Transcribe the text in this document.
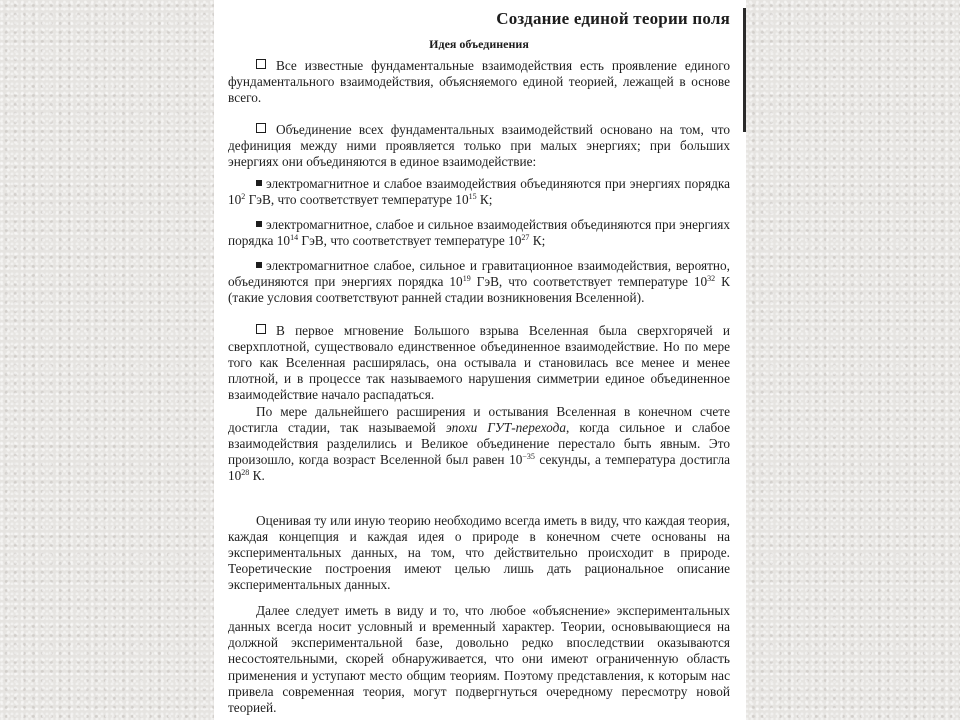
Создание единой теории поля
Идея объединения

Все известные фундаментальные взаимодействия есть проявление единого фундаментального взаимодействия, объясняемого единой теорией, лежащей в основе всего.

Объединение всех фундаментальных взаимодействий основано на том, что дефиниция между ними проявляется только при малых энергиях; при больших энергиях они объединяются в единое взаимодействие:

электромагнитное и слабое взаимодействия объединяются при энергиях порядка $10^2$ ГэВ, что соответствует температуре $10^{15}$ К;

электромагнитное, слабое и сильное взаимодействия объединяются при энергиях порядка $10^{14}$ ГэВ, что соответствует температуре $10^{27}$ К;

электромагнитное слабое, сильное и гравитационное взаимодействия, вероятно, объединяются при энергиях порядка $10^{19}$ ГэВ, что соответствует температуре $10^{32}$ К (такие условия соответствуют ранней стадии возникновения Вселенной).

В первое мгновение Большого взрыва Вселенная была сверхгорячей и сверхплотной, существовало единственное объединенное взаимодействие. Но по мере того как Вселенная расширялась, она остывала и становилась все менее и менее плотной, и в процессе так называемого нарушения симметрии единое объединенное взаимодействие начало распадаться.

По мере дальнейшего расширения и остывания Вселенная в конечном счете достигла стадии, так называемой эпохи ГУТ-перехода, когда сильное и слабое взаимодействия разделились и Великое объединение перестало быть явным. Это произошло, когда возраст Вселенной был равен $10^{-35}$ секунды, а температура достигла $10^{28}$ К.

Оценивая ту или иную теорию необходимо всегда иметь в виду, что каждая теория, каждая концепция и каждая идея о природе в конечном счете основаны на экспериментальных данных, на том, что действительно происходит в природе. Теоретические построения имеют целью лишь дать рациональное описание экспериментальных данных.

Далее следует иметь в виду и то, что любое «объяснение» экспериментальных данных всегда носит условный и временный характер. Теории, основывающиеся на должной экспериментальной базе, довольно редко впоследствии оказываются несостоятельными, скорей обнаруживается, что они имеют ограниченную область применения и уступают место общим теориям. Поэтому представления, к которым нас привела современная теория, могут подвергнуться очередному пересмотру новой теорией.
